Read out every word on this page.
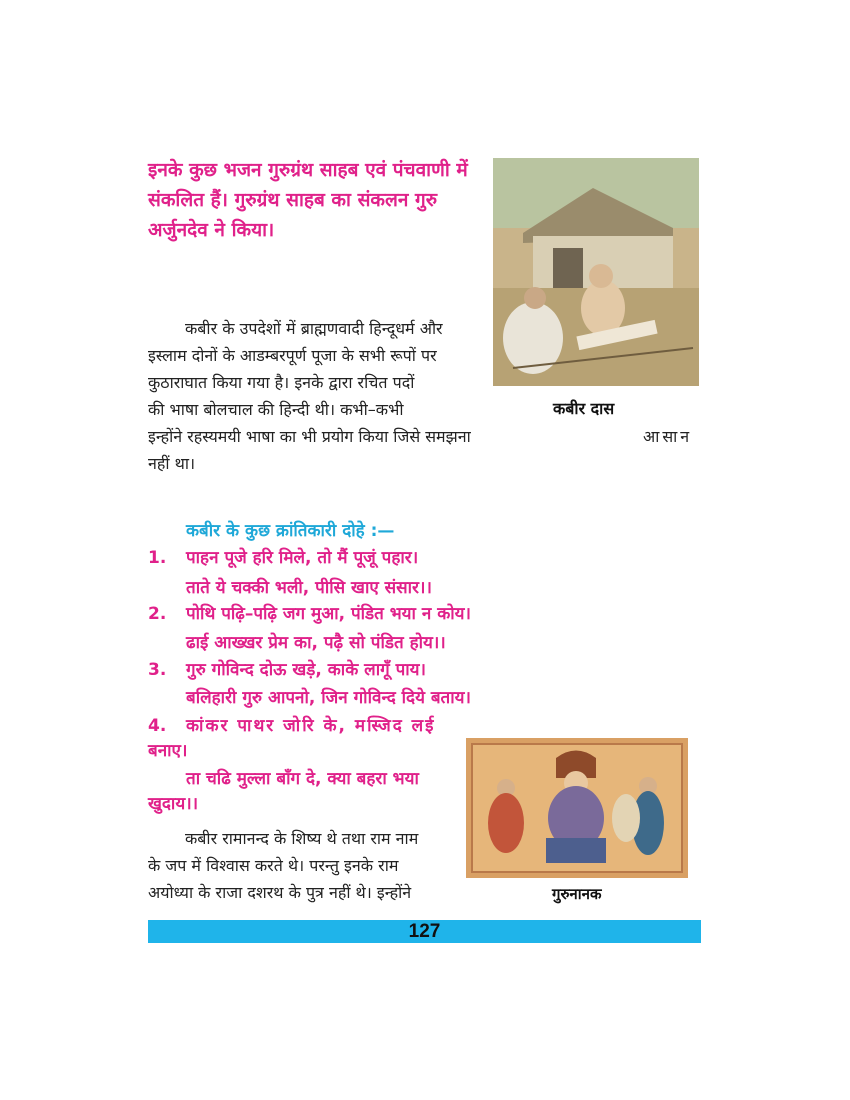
इनके कुछ भजन गुरुग्रंथ साहब एवं पंचवाणी में
संकलित हैं। गुरुग्रंथ साहब का संकलन गुरु
अर्जुनदेव ने किया।
कबीर दास
कबीर के उपदेशों में ब्राह्मणवादी हिन्दूधर्म और
इस्लाम दोनों के आडम्बरपूर्ण पूजा के सभी रूपों पर
कुठाराघात किया गया है। इनके द्वारा रचित पदों
की भाषा बोलचाल की हिन्दी थी। कभी–कभी
इन्होंने रहस्यमयी भाषा का भी प्रयोग किया जिसे समझना	आसान
नहीं था।
कबीर के कुछ क्रांतिकारी दोहे :—
1. पाहन पूजे हरि मिले, तो मैं पूजूं पहार।
ताते ये चक्की भली, पीसि खाए संसार।।
2. पोथि पढ़ि–पढ़ि जग मुआ, पंडित भया न कोय।
ढाई आख्खर प्रेम का, पढ़ै सो पंडित होय।।
3. गुरु गोविन्द दोऊ खड़े, काके लागूँ पाय।
बलिहारी गुरु आपनो, जिन गोविन्द दिये बताय।
4. कांकर पाथर जोरि के, मस्जिद लई
बनाए।
ता चढि मुल्ला बाँग दे, क्या बहरा भया
खुदाय।।
गुरुनानक
कबीर रामानन्द के शिष्य थे तथा राम नाम
के जप में विश्वास करते थे। परन्तु इनके राम
अयोध्या के राजा दशरथ के पुत्र नहीं थे। इन्होंने
127
